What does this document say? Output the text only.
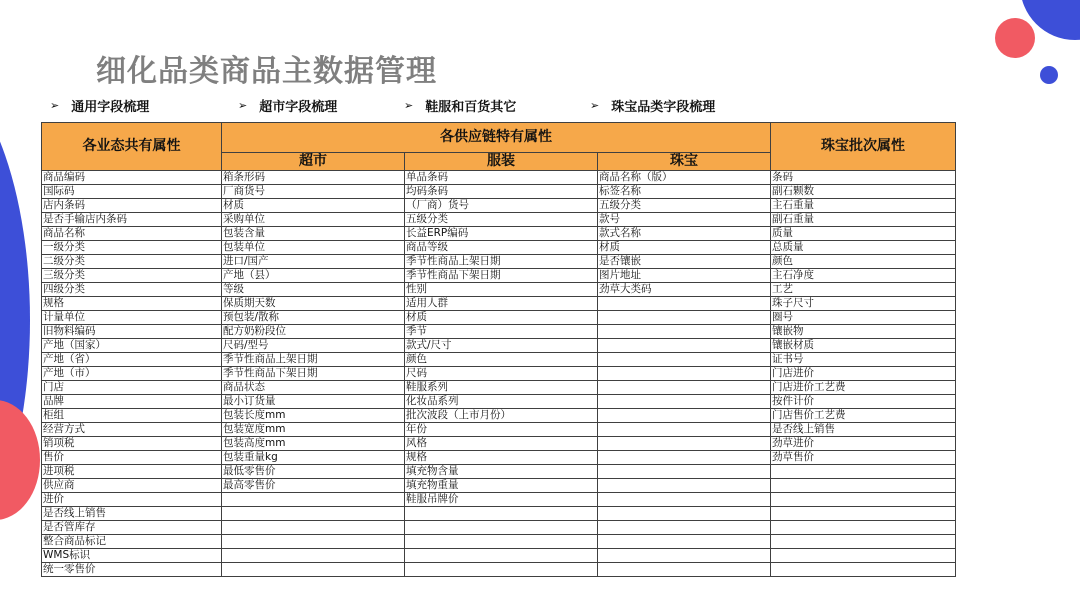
细化品类商品主数据管理
➢ 通用字段梳理	➢ 超市字段梳理	➢ 鞋服和百货其它	➢ 珠宝品类字段梳理
各业态共有属性	各供应链特有属性			珠宝批次属性
	超市	服装	珠宝	
商品编码	箱条形码	单品条码	商品名称（版）	条码
国际码	厂商货号	均码条码	标签名称	副石颗数
店内条码	材质	（厂商）货号	五级分类	主石重量
是否手输店内条码	采购单位	五级分类	款号	副石重量
商品名称	包装含量	长益ERP编码	款式名称	质量
一级分类	包装单位	商品等级	材质	总质量
二级分类	进口/国产	季节性商品上架日期	是否镶嵌	颜色
三级分类	产地（县）	季节性商品下架日期	图片地址	主石净度
四级分类	等级	性别	劲草大类码	工艺
规格	保质期天数	适用人群		珠子尺寸
计量单位	预包装/散称	材质		圈号
旧物料编码	配方奶粉段位	季节		镶嵌物
产地（国家）	尺码/型号	款式/尺寸		镶嵌材质
产地（省）	季节性商品上架日期	颜色		证书号
产地（市）	季节性商品下架日期	尺码		门店进价
门店	商品状态	鞋服系列		门店进价工艺费
品牌	最小订货量	化妆品系列		按件计价
柜组	包装长度mm	批次波段（上市月份）		门店售价工艺费
经营方式	包装宽度mm	年份		是否线上销售
销项税	包装高度mm	风格		劲草进价
售价	包装重量kg	规格		劲草售价
进项税	最低零售价	填充物含量		
供应商	最高零售价	填充物重量		
进价		鞋服吊牌价		
是否线上销售				
是否管库存				
整合商品标记				
WMS标识				
统一零售价				
